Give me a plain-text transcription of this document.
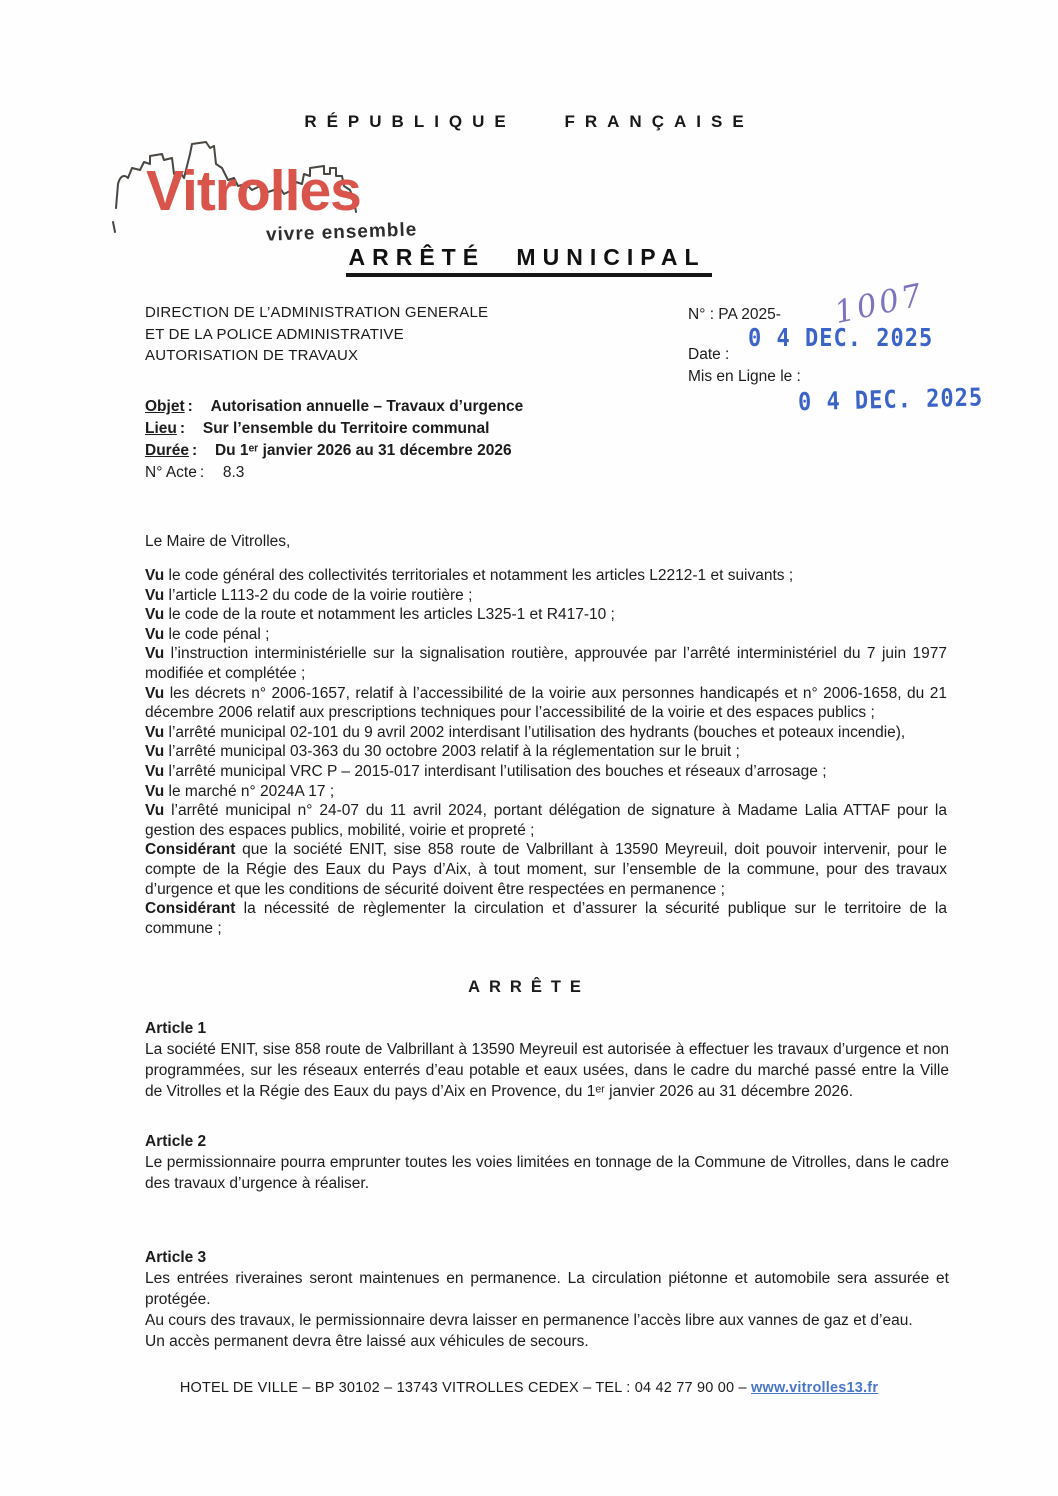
RÉPUBLIQUE FRANÇAISE
Vitrolles
vivre ensemble
ARRÊTÉ MUNICIPAL
DIRECTION DE L’ADMINISTRATION GENERALE
ET DE LA POLICE ADMINISTRATIVE
AUTORISATION DE TRAVAUX
N° : PA 2025- 1007
Date :
0 4 DEC. 2025
Mis en Ligne le :
0 4 DEC. 2025
Objet :	Autorisation annuelle – Travaux d’urgence
Lieu :	Sur l’ensemble du Territoire communal
Durée :	Du 1ᵉʳ janvier 2026 au 31 décembre 2026
N° Acte :	8.3
Le Maire de Vitrolles,

Vu le code général des collectivités territoriales et notamment les articles L2212-1 et suivants ;

Vu l’article L113-2 du code de la voirie routière ;

Vu le code de la route et notamment les articles L325-1 et R417-10 ;

Vu le code pénal ;

Vu l’instruction interministérielle sur la signalisation routière, approuvée par l’arrêté interministériel du 7 juin 1977 modifiée et complétée ;

Vu les décrets n° 2006-1657, relatif à l’accessibilité de la voirie aux personnes handicapés et n° 2006-1658, du 21 décembre 2006 relatif aux prescriptions techniques pour l’accessibilité de la voirie et des espaces publics ;

Vu l’arrêté municipal 02-101 du 9 avril 2002 interdisant l’utilisation des hydrants (bouches et poteaux incendie),

Vu l’arrêté municipal 03-363 du 30 octobre 2003 relatif à la réglementation sur le bruit ;

Vu l’arrêté municipal VRC P – 2015-017 interdisant l’utilisation des bouches et réseaux d’arrosage ;

Vu le marché n° 2024A 17 ;

Vu l’arrêté municipal n° 24-07 du 11 avril 2024, portant délégation de signature à Madame Lalia ATTAF pour la gestion des espaces publics, mobilité, voirie et propreté ;

Considérant que la société ENIT, sise 858 route de Valbrillant à 13590 Meyreuil, doit pouvoir intervenir, pour le compte de la Régie des Eaux du Pays d’Aix, à tout moment, sur l’ensemble de la commune, pour des travaux d’urgence et que les conditions de sécurité doivent être respectées en permanence ;

Considérant la nécessité de règlementer la circulation et d’assurer la sécurité publique sur le territoire de la commune ;

ARRÊTE
Article 1

La société ENIT, sise 858 route de Valbrillant à 13590 Meyreuil est autorisée à effectuer les travaux d’urgence et non programmées, sur les réseaux enterrés d’eau potable et eaux usées, dans le cadre du marché passé entre la Ville de Vitrolles et la Régie des Eaux du pays d’Aix en Provence, du 1ᵉʳ janvier 2026 au 31 décembre 2026.

Article 2

Le permissionnaire pourra emprunter toutes les voies limitées en tonnage de la Commune de Vitrolles, dans le cadre des travaux d’urgence à réaliser.

Article 3

Les entrées riveraines seront maintenues en permanence. La circulation piétonne et automobile sera assurée et protégée.

Au cours des travaux, le permissionnaire devra laisser en permanence l’accès libre aux vannes de gaz et d’eau.

Un accès permanent devra être laissé aux véhicules de secours.

HOTEL DE VILLE – BP 30102 – 13743 VITROLLES CEDEX – TEL : 04 42 77 90 00 – www.vitrolles13.fr
